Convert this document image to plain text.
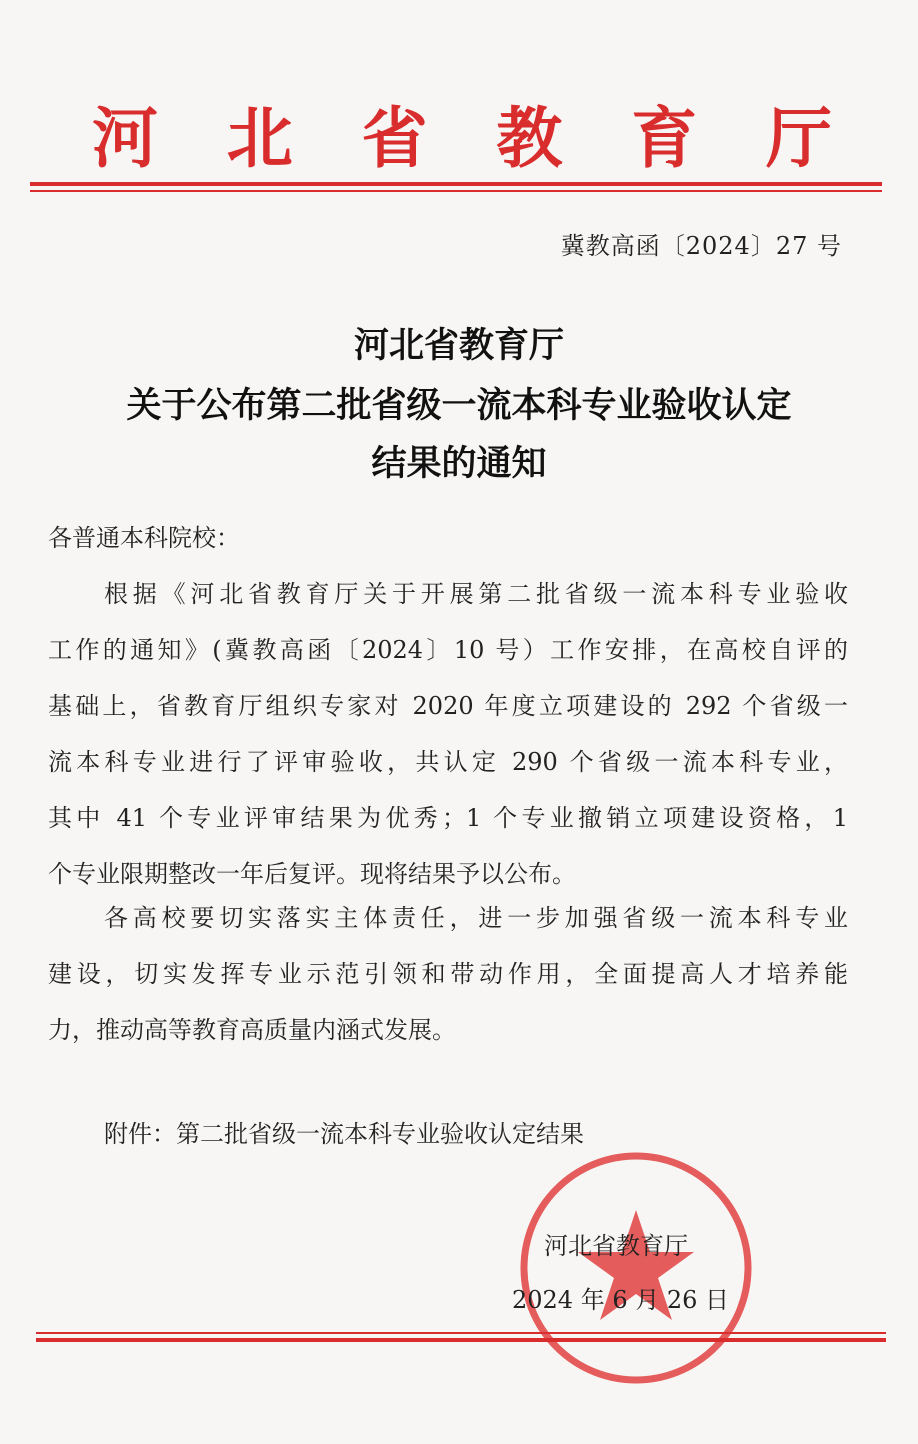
河 北 省 教 育 厅
冀教高函〔2024〕27 号
河北省教育厅
关于公布第二批省级一流本科专业验收认定
结果的通知
各普通本科院校：
根据《河北省教育厅关于开展第二批省级一流本科专业验收
工作的通知》(冀教高函〔2024〕10 号）工作安排，在高校自评的
基础上，省教育厅组织专家对 2020 年度立项建设的 292 个省级一
流本科专业进行了评审验收，共认定 290 个省级一流本科专业，
其中 41 个专业评审结果为优秀；1 个专业撤销立项建设资格，1
个专业限期整改一年后复评。现将结果予以公布。
各高校要切实落实主体责任，进一步加强省级一流本科专业
建设，切实发挥专业示范引领和带动作用，全面提高人才培养能
力，推动高等教育高质量内涵式发展。
附件：第二批省级一流本科专业验收认定结果
河北省教育厅
2024 年 6 月 26 日
